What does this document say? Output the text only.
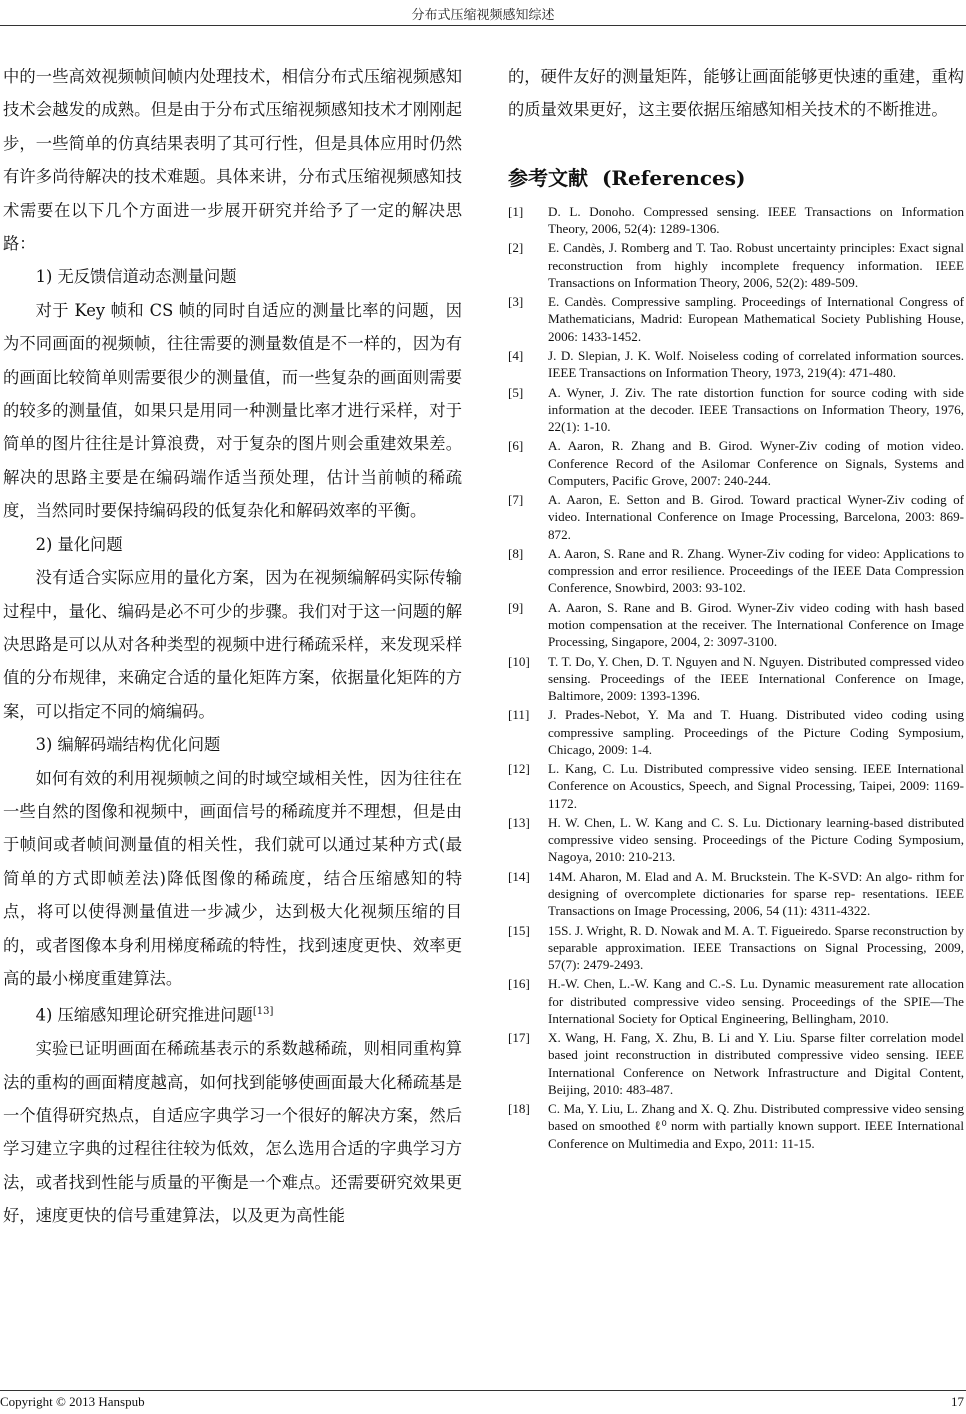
分布式压缩视频感知综述

中的一些高效视频帧间帧内处理技术，相信分布式压缩视频感知技术会越发的成熟。但是由于分布式压缩视频感知技术才刚刚起步，一些简单的仿真结果表明了其可行性，但是具体应用时仍然有许多尚待解决的技术难题。具体来讲，分布式压缩视频感知技术需要在以下几个方面进一步展开研究并给予了一定的解决思路：

1) 无反馈信道动态测量问题

对于 Key 帧和 CS 帧的同时自适应的测量比率的问题，因为不同画面的视频帧，往往需要的测量数值是不一样的，因为有的画面比较简单则需要很少的测量值，而一些复杂的画面则需要的较多的测量值，如果只是用同一种测量比率才进行采样，对于简单的图片往往是计算浪费，对于复杂的图片则会重建效果差。解决的思路主要是在编码端作适当预处理，估计当前帧的稀疏度，当然同时要保持编码段的低复杂化和解码效率的平衡。

2) 量化问题

没有适合实际应用的量化方案，因为在视频编解码实际传输过程中，量化、编码是必不可少的步骤。我们对于这一问题的解决思路是可以从对各种类型的视频中进行稀疏采样，来发现采样值的分布规律，来确定合适的量化矩阵方案，依据量化矩阵的方案，可以指定不同的熵编码。

3) 编解码端结构优化问题

如何有效的利用视频帧之间的时域空域相关性，因为往往在一些自然的图像和视频中，画面信号的稀疏度并不理想，但是由于帧间或者帧间测量值的相关性，我们就可以通过某种方式(最简单的方式即帧差法)降低图像的稀疏度，结合压缩感知的特点，将可以使得测量值进一步减少，达到极大化视频压缩的目的，或者图像本身利用梯度稀疏的特性，找到速度更快、效率更高的最小梯度重建算法。

4) 压缩感知理论研究推进问题[13]

实验已证明画面在稀疏基表示的系数越稀疏，则相同重构算法的重构的画面精度越高，如何找到能够使画面最大化稀疏基是一个值得研究热点，自适应字典学习一个很好的解决方案，然后学习建立字典的过程往往较为低效，怎么选用合适的字典学习方法，或者找到性能与质量的平衡是一个难点。还需要研究效果更好，速度更快的信号重建算法，以及更为高性能

的，硬件友好的测量矩阵，能够让画面能够更快速的重建，重构的质量效果更好，这主要依据压缩感知相关技术的不断推进。

参考文献 (References)
[1]	D. L. Donoho. Compressed sensing. IEEE Transactions on Information Theory, 2006, 52(4): 1289-1306.
[2]	E. Candès, J. Romberg and T. Tao. Robust uncertainty principles: Exact signal reconstruction from highly incomplete frequency information. IEEE Transactions on Information Theory, 2006, 52(2): 489-509.
[3]	E. Candès. Compressive sampling. Proceedings of International Congress of Mathematicians, Madrid: European Mathematical Society Publishing House, 2006: 1433-1452.
[4]	J. D. Slepian, J. K. Wolf. Noiseless coding of correlated information sources. IEEE Transactions on Information Theory, 1973, 219(4): 471-480.
[5]	A. Wyner, J. Ziv. The rate distortion function for source coding with side information at the decoder. IEEE Transactions on Information Theory, 1976, 22(1): 1-10.
[6]	A. Aaron, R. Zhang and B. Girod. Wyner-Ziv coding of motion video. Conference Record of the Asilomar Conference on Signals, Systems and Computers, Pacific Grove, 2007: 240-244.
[7]	A. Aaron, E. Setton and B. Girod. Toward practical Wyner-Ziv coding of video. International Conference on Image Processing, Barcelona, 2003: 869-872.
[8]	A. Aaron, S. Rane and R. Zhang. Wyner-Ziv coding for video: Applications to compression and error resilience. Proceedings of the IEEE Data Compression Conference, Snowbird, 2003: 93-102.
[9]	A. Aaron, S. Rane and B. Girod. Wyner-Ziv video coding with hash based motion compensation at the receiver. The International Conference on Image Processing, Singapore, 2004, 2: 3097-3100.
[10]	T. T. Do, Y. Chen, D. T. Nguyen and N. Nguyen. Distributed compressed video sensing. Proceedings of the IEEE International Conference on Image, Baltimore, 2009: 1393-1396.
[11]	J. Prades-Nebot, Y. Ma and T. Huang. Distributed video coding using compressive sampling. Proceedings of the Picture Coding Symposium, Chicago, 2009: 1-4.
[12]	L. Kang, C. Lu. Distributed compressive video sensing. IEEE International Conference on Acoustics, Speech, and Signal Processing, Taipei, 2009: 1169-1172.
[13]	H. W. Chen, L. W. Kang and C. S. Lu. Dictionary learning-based distributed compressive video sensing. Proceedings of the Picture Coding Symposium, Nagoya, 2010: 210-213.
[14]	14M. Aharon, M. Elad and A. M. Bruckstein. The K-SVD: An algo- rithm for designing of overcomplete dictionaries for sparse rep- resentations. IEEE Transactions on Image Processing, 2006, 54 (11): 4311-4322.
[15]	15S. J. Wright, R. D. Nowak and M. A. T. Figueiredo. Sparse reconstruction by separable approximation. IEEE Transactions on Signal Processing, 2009, 57(7): 2479-2493.
[16]	H.-W. Chen, L.-W. Kang and C.-S. Lu. Dynamic measurement rate allocation for distributed compressive video sensing. Proceedings of the SPIE—The International Society for Optical Engineering, Bellingham, 2010.
[17]	X. Wang, H. Fang, X. Zhu, B. Li and Y. Liu. Sparse filter correlation model based joint reconstruction in distributed compressive video sensing. IEEE International Conference on Network Infrastructure and Digital Content, Beijing, 2010: 483-487.
[18]	C. Ma, Y. Liu, L. Zhang and X. Q. Zhu. Distributed compressive video sensing based on smoothed ℓ⁰ norm with partially known support. IEEE International Conference on Multimedia and Expo, 2011: 11-15.
Copyright © 2013 Hanspub	17
